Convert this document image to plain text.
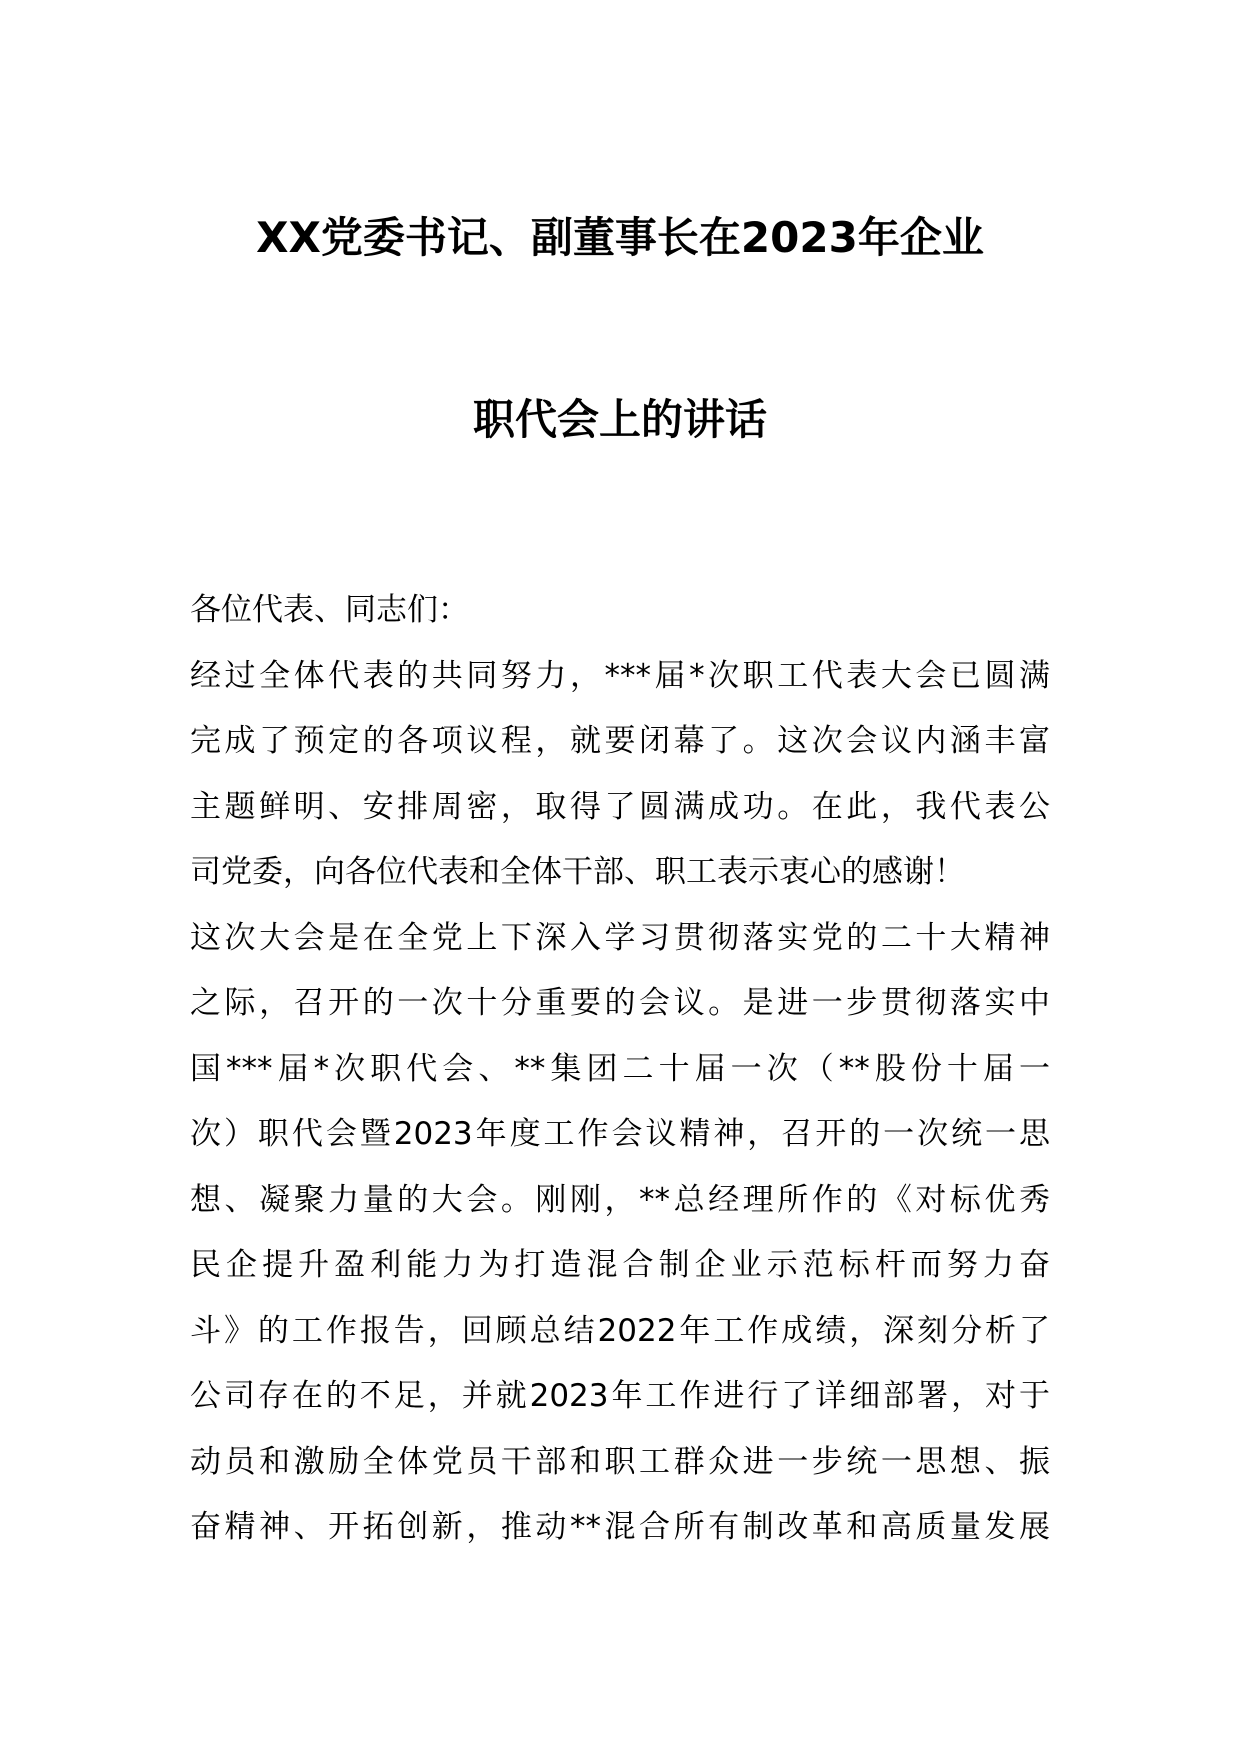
XX党委书记、副董事长在2023年企业
职代会上的讲话
各位代表、同志们：
经过全体代表的共同努力，***届*次职工代表大会已圆满
完成了预定的各项议程，就要闭幕了。这次会议内涵丰富
主题鲜明、安排周密，取得了圆满成功。在此，我代表公
司党委，向各位代表和全体干部、职工表示衷心的感谢！
这次大会是在全党上下深入学习贯彻落实党的二十大精神
之际，召开的一次十分重要的会议。是进一步贯彻落实中
国***届*次职代会、**集团二十届一次（**股份十届一
次）职代会暨2023年度工作会议精神，召开的一次统一思
想、凝聚力量的大会。刚刚，**总经理所作的《对标优秀
民企提升盈利能力为打造混合制企业示范标杆而努力奋
斗》的工作报告，回顾总结2022年工作成绩，深刻分析了
公司存在的不足，并就2023年工作进行了详细部署，对于
动员和激励全体党员干部和职工群众进一步统一思想、振
奋精神、开拓创新，推动**混合所有制改革和高质量发展
